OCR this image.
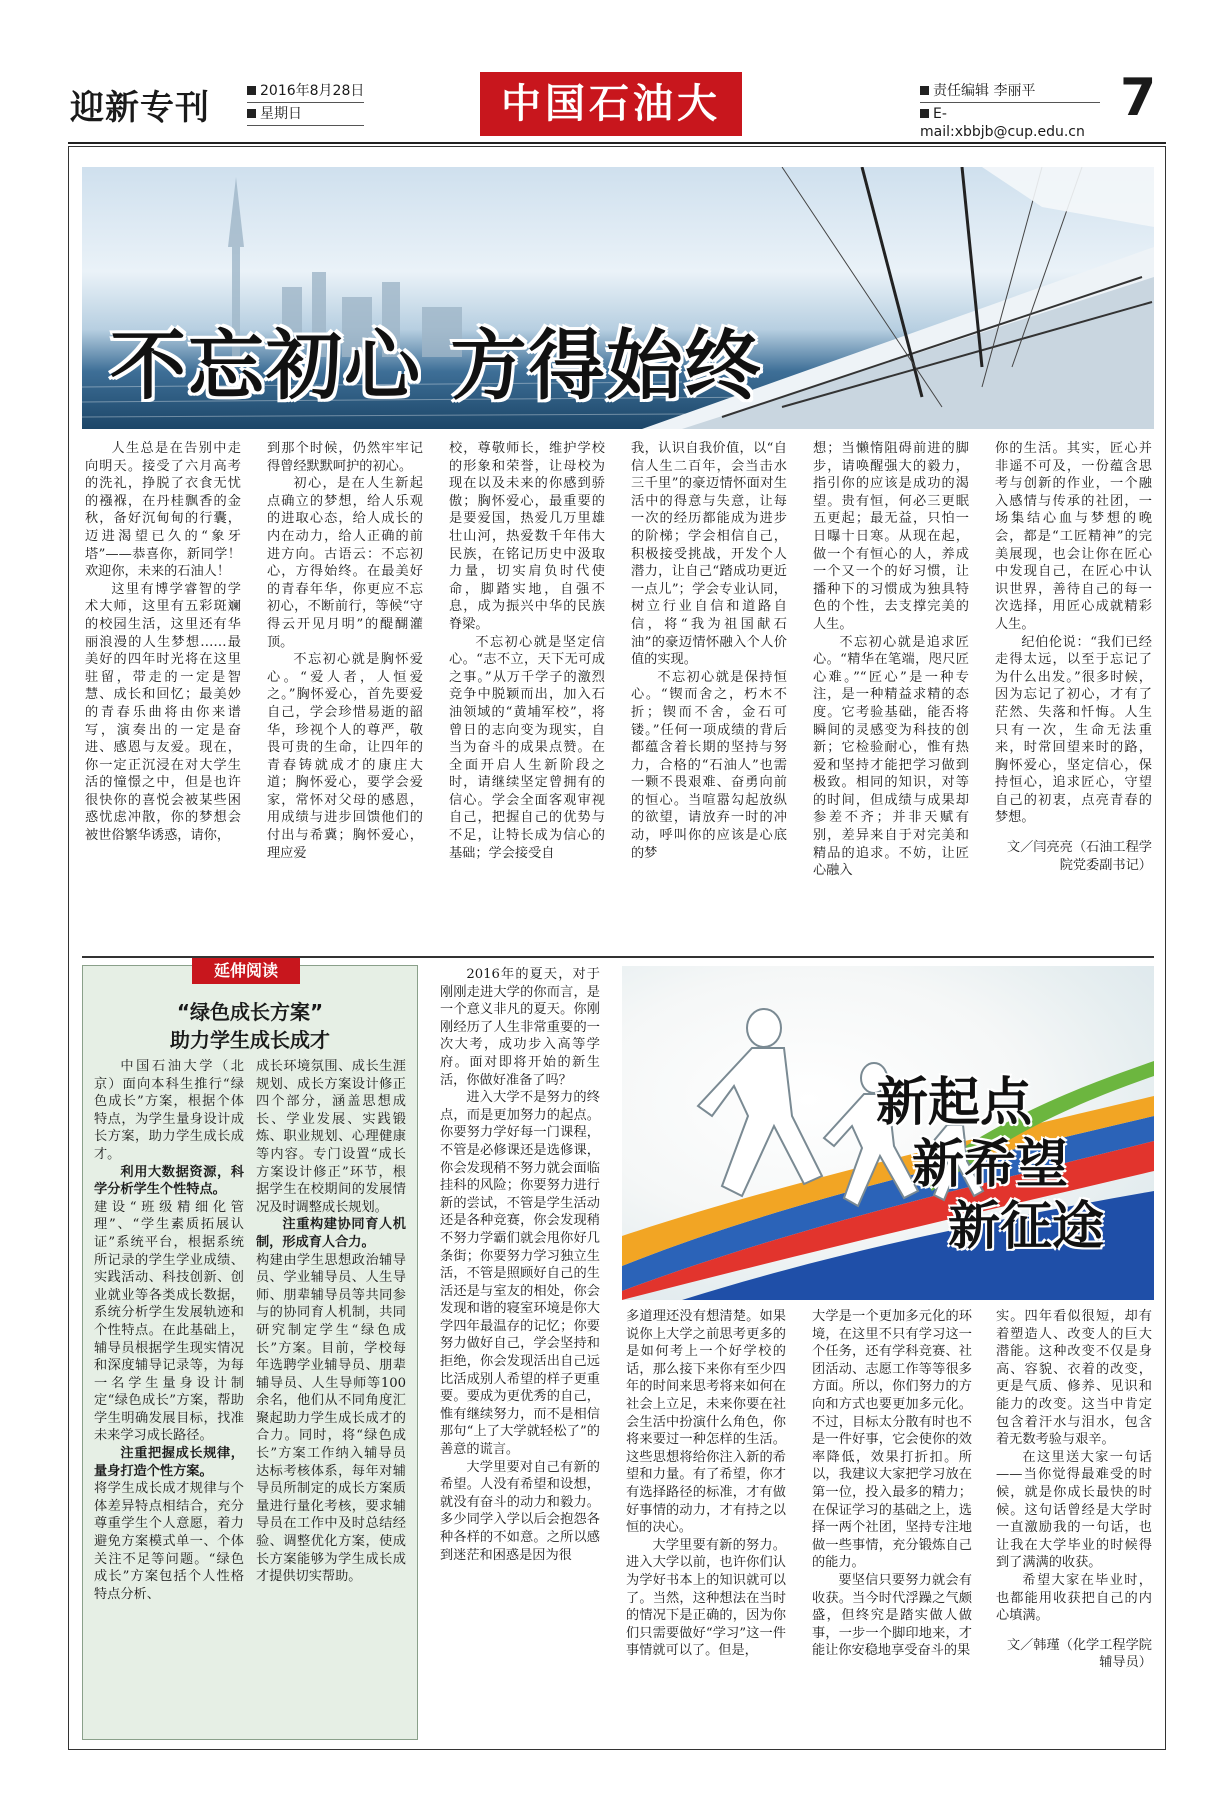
迎新专刊	2016年8月28日
星期日	中国石油大	责任编辑 李丽平
E-mail:xbbjb@cup.edu.cn
7
不忘初心 方得始终

人生总是在告别中走向明天。接受了六月高考的洗礼，挣脱了衣食无忧的襁褓，在丹桂飘香的金秋，备好沉甸甸的行囊，迈进渴望已久的“象牙塔”——恭喜你，新同学！欢迎你，未来的石油人！

这里有博学睿智的学术大师，这里有五彩斑斓的校园生活，这里还有华丽浪漫的人生梦想……最美好的四年时光将在这里驻留，带走的一定是智慧、成长和回忆；最美妙的青春乐曲将由你来谱写，演奏出的一定是奋进、感恩与友爱。现在，你一定正沉浸在对大学生活的憧憬之中，但是也许很快你的喜悦会被某些困惑忧虑冲散，你的梦想会被世俗繁华诱惑，请你，

到那个时候，仍然牢牢记得曾经默默呵护的初心。

初心，是在人生新起点确立的梦想，给人乐观的进取心态，给人成长的内在动力，给人正确的前进方向。古语云：不忘初心，方得始终。在最美好的青春年华，你更应不忘初心，不断前行，等候“守得云开见月明”的醍醐灌顶。

不忘初心就是胸怀爱心。“爱人者，人恒爱之。”胸怀爱心，首先要爱自己，学会珍惜易逝的韶华，珍视个人的尊严，敬畏可贵的生命，让四年的青春铸就成才的康庄大道；胸怀爱心，要学会爱家，常怀对父母的感恩，用成绩与进步回馈他们的付出与希冀；胸怀爱心，理应爱

校，尊敬师长，维护学校的形象和荣誉，让母校为现在以及未来的你感到骄傲；胸怀爱心，最重要的是要爱国，热爱几万里雄壮山河，热爱数千年伟大民族，在铭记历史中汲取力量，切实肩负时代使命，脚踏实地，自强不息，成为振兴中华的民族脊梁。

不忘初心就是坚定信心。“志不立，天下无可成之事。”从万千学子的激烈竞争中脱颖而出，加入石油领域的“黄埔军校”，将曾日的志向变为现实，自当为奋斗的成果点赞。在全面开启人生新阶段之时，请继续坚定曾拥有的信心。学会全面客观审视自己，把握自己的优势与不足，让特长成为信心的基础；学会接受自

我，认识自我价值，以“自信人生二百年，会当击水三千里”的豪迈情怀面对生活中的得意与失意，让每一次的经历都能成为进步的阶梯；学会相信自己，积极接受挑战，开发个人潜力，让自己“踏成功更近一点儿”；学会专业认同，树立行业自信和道路自信，将“我为祖国献石油”的豪迈情怀融入个人价值的实现。

不忘初心就是保持恒心。“锲而舍之，朽木不折；锲而不舍，金石可镂。”任何一项成绩的背后都蕴含着长期的坚持与努力，合格的“石油人”也需一颗不畏艰难、奋勇向前的恒心。当喧嚣勾起放纵的欲望，请放弃一时的冲动，呼叫你的应该是心底的梦

想；当懒惰阻碍前进的脚步，请唤醒强大的毅力，指引你的应该是成功的渴望。贵有恒，何必三更眠五更起；最无益，只怕一日曝十日寒。从现在起，做一个有恒心的人，养成一个又一个的好习惯，让播种下的习惯成为独具特色的个性，去支撑完美的人生。

不忘初心就是追求匠心。“精华在笔端，咫尺匠心难。”“匠心”是一种专注，是一种精益求精的态度。它考验基础，能否将瞬间的灵感变为科技的创新；它检验耐心，惟有热爱和坚持才能把学习做到极致。相同的知识，对等的时间，但成绩与成果却参差不齐；并非天赋有别，差异来自于对完美和精品的追求。不妨，让匠心融入

你的生活。其实，匠心并非遥不可及，一份蕴含思考与创新的作业，一个融入感情与传承的社团，一场集结心血与梦想的晚会，都是“工匠精神”的完美展现，也会让你在匠心中发现自己，在匠心中认识世界，善待自己的每一次选择，用匠心成就精彩人生。

纪伯伦说：“我们已经走得太远，以至于忘记了为什么出发。”很多时候，因为忘记了初心，才有了茫然、失落和忏悔。人生只有一次，生命无法重来，时常回望来时的路，胸怀爱心，坚定信心，保持恒心，追求匠心，守望自己的初衷，点亮青春的梦想。

文／闫亮亮（石油工程学院党委副书记）

延伸阅读
“绿色成长方案”
助力学生成长成才

中国石油大学（北京）面向本科生推行“绿色成长”方案，根据个体特点，为学生量身设计成长方案，助力学生成长成才。

利用大数据资源，科学分析学生个性特点。

建设“班级精细化管理”、“学生素质拓展认证”系统平台，根据系统所记录的学生学业成绩、实践活动、科技创新、创业就业等各类成长数据，系统分析学生发展轨迹和个性特点。在此基础上，辅导员根据学生现实情况和深度辅导记录等，为每一名学生量身设计制定“绿色成长”方案，帮助学生明确发展目标，找准未来学习成长路径。

注重把握成长规律，量身打造个性方案。

将学生成长成才规律与个体差异特点相结合，充分尊重学生个人意愿，着力避免方案模式单一、个体关注不足等问题。“绿色成长”方案包括个人性格特点分析、

成长环境氛围、成长生涯规划、成长方案设计修正四个部分，涵盖思想成长、学业发展、实践锻炼、职业规划、心理健康等内容。专门设置“成长方案设计修正”环节，根据学生在校期间的发展情况及时调整成长规划。

注重构建协同育人机制，形成育人合力。

构建由学生思想政治辅导员、学业辅导员、人生导师、朋辈辅导员等共同参与的协同育人机制，共同研究制定学生“绿色成长”方案。目前，学校每年选聘学业辅导员、朋辈辅导员、人生导师等100余名，他们从不同角度汇聚起助力学生成长成才的合力。同时，将“绿色成长”方案工作纳入辅导员达标考核体系，每年对辅导员所制定的成长方案质量进行量化考核，要求辅导员在工作中及时总结经验、调整优化方案，使成长方案能够为学生成长成才提供切实帮助。

2016年的夏天，对于刚刚走进大学的你而言，是一个意义非凡的夏天。你刚刚经历了人生非常重要的一次大考，成功步入高等学府。面对即将开始的新生活，你做好准备了吗？

进入大学不是努力的终点，而是更加努力的起点。你要努力学好每一门课程，不管是必修课还是选修课，你会发现稍不努力就会面临挂科的风险；你要努力进行新的尝试，不管是学生活动还是各种竞赛，你会发现稍不努力学霸们就会甩你好几条街；你要努力学习独立生活，不管是照顾好自己的生活还是与室友的相处，你会发现和谐的寝室环境是你大学四年最温存的记忆；你要努力做好自己，学会坚持和拒绝，你会发现活出自己远比活成别人希望的样子更重要。要成为更优秀的自己，惟有继续努力，而不是相信那句“上了大学就轻松了”的善意的谎言。

大学里要对自己有新的希望。人没有希望和设想，就没有奋斗的动力和毅力。多少同学入学以后会抱怨各种各样的不如意。之所以感到迷茫和困惑是因为很

新起点
新希望
新征途

多道理还没有想清楚。如果说你上大学之前思考更多的是如何考上一个好学校的话，那么接下来你有至少四年的时间来思考将来如何在社会上立足，未来你要在社会生活中扮演什么角色，你将来要过一种怎样的生活。这些思想将给你注入新的希望和力量。有了希望，你才有选择路径的标准，才有做好事情的动力，才有持之以恒的决心。

大学里要有新的努力。进入大学以前，也许你们认为学好书本上的知识就可以了。当然，这种想法在当时的情况下是正确的，因为你们只需要做好“学习”这一件事情就可以了。但是，

大学是一个更加多元化的环境，在这里不只有学习这一个任务，还有学科竞赛、社团活动、志愿工作等等很多方面。所以，你们努力的方向和方式也要更加多元化。不过，目标太分散有时也不是一件好事，它会使你的效率降低，效果打折扣。所以，我建议大家把学习放在第一位，投入最多的精力；在保证学习的基础之上，选择一两个社团，坚持专注地做一些事情，充分锻炼自己的能力。

要坚信只要努力就会有收获。当今时代浮躁之气颇盛，但终究是踏实做人做事，一步一个脚印地来，才能让你安稳地享受奋斗的果

实。四年看似很短，却有着塑造人、改变人的巨大潜能。这种改变不仅是身高、容貌、衣着的改变，更是气质、修养、见识和能力的改变。这当中肯定包含着汗水与泪水，包含着无数考验与艰辛。

在这里送大家一句话——当你觉得最难受的时候，就是你成长最快的时候。这句话曾经是大学时一直激励我的一句话，也让我在大学毕业的时候得到了满满的收获。

希望大家在毕业时，也都能用收获把自己的内心填满。

文／韩瑾（化学工程学院辅导员）
